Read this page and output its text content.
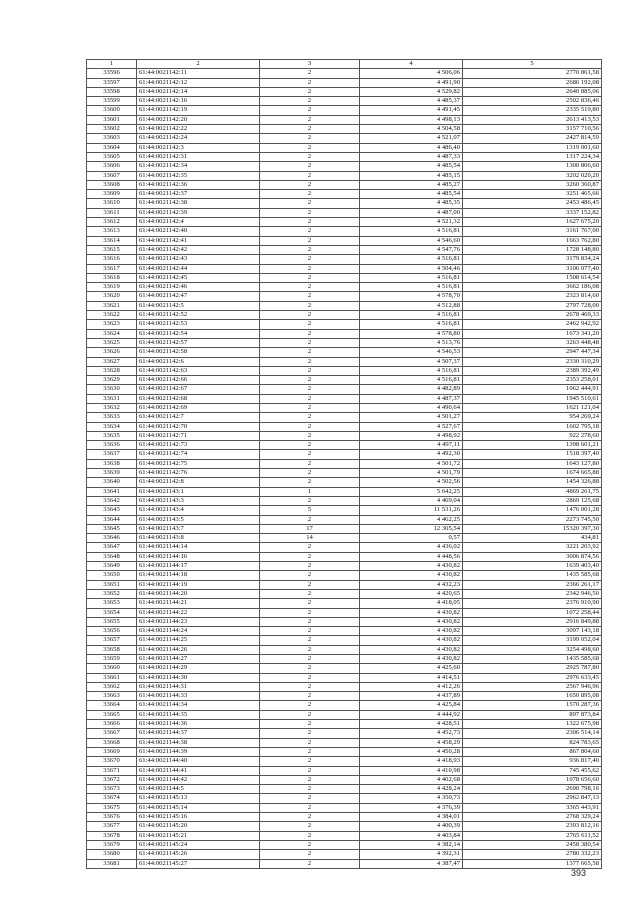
1	2	3	4	5
33596	61:44:0021142:11	2	4 506,06	2770 861,58
33597	61:44:0021142:12	2	4 491,90	2686 192,08
33598	61:44:0021142:14	2	4 529,82	2640 885,06
33599	61:44:0021142:16	2	4 485,37	2502 836,46
33600	61:44:0021142:19	2	4 491,45	2335 519,80
33601	61:44:0021142:20	2	4 498,13	2613 413,53
33602	61:44:0021142:22	2	4 504,58	3157 710,56
33603	61:44:0021142:24	2	4 521,07	2427 814,59
33604	61:44:0021142:3	2	4 486,40	1319 001,60
33605	61:44:0021142:31	2	4 487,33	1317 224,34
33606	61:44:0021142:34	2	4 485,54	1300 806,60
33607	61:44:0021142:35	2	4 485,15	3202 020,20
33608	61:44:0021142:36	2	4 485,27	3260 360,87
33609	61:44:0021142:37	2	4 485,54	3251 465,66
33610	61:44:0021142:38	2	4 485,35	2453 486,45
33611	61:44:0021142:39	2	4 487,00	3337 152,82
33612	61:44:0021142:4	2	4 521,32	1627 675,20
33613	61:44:0021142:40	2	4 516,81	3161 767,00
33614	61:44:0021142:41	2	4 546,60	1663 762,80
33615	61:44:0021142:42	2	4 547,76	1728 148,80
33616	61:44:0021142:43	2	4 516,81	3179 834,24
33617	61:44:0021142:44	2	4 504,46	3106 077,40
33618	61:44:0021142:45	2	4 516,81	1508 614,54
33619	61:44:0021142:46	2	4 516,81	3662 186,08
33620	61:44:0021142:47	2	4 578,70	2323 814,60
33621	61:44:0021142:5	2	4 512,88	2797 728,00
33622	61:44:0021142:52	2	4 516,81	2678 469,33
33623	61:44:0021142:53	2	4 516,81	2462 942,92
33624	61:44:0021142:54	2	4 578,80	1673 341,20
33625	61:44:0021142:57	2	4 513,76	3263 448,48
33626	61:44:0021142:58	2	4 546,53	2947 447,34
33627	61:44:0021142:6	2	4 507,37	2330 310,29
33628	61:44:0021142:63	2	4 516,81	2389 392,49
33629	61:44:0021142:66	2	4 516,81	2353 258,01
33630	61:44:0021142:67	2	4 482,89	1062 444,91
33631	61:44:0021142:68	2	4 487,37	1945 510,61
33632	61:44:0021142:69	2	4 490,64	1621 121,04
33633	61:44:0021142:7	2	4 501,27	954 269,24
33634	61:44:0021142:70	2	4 527,67	1602 795,18
33635	61:44:0021142:71	2	4 498,92	922 278,60
33636	61:44:0021142:73	2	4 497,11	1398 601,21
33637	61:44:0021142:74	2	4 492,30	1518 397,40
33638	61:44:0021142:75	2	4 501,72	1643 127,80
33639	61:44:0021142:76	2	4 501,79	1674 665,88
33640	61:44:0021142:8	2	4 502,56	1454 326,88
33641	61:44:0021143:1	1	5 642,25	4869 261,75
33642	61:44:0021143:3	2	4 469,04	2869 125,68
33643	61:44:0021143:4	5	11 531,26	1476 001,28
33644	61:44:0021143:5	2	4 462,25	2273 745,50
33645	61:44:0021143:7	17	12 305,54	15320 397,30
33646	61:44:0021143:8	14	0,57	434,81
33647	61:44:0021144:14	2	4 436,02	3221 203,92
33648	61:44:0021144:16	2	4 448,56	3006 874,56
33649	61:44:0021144:17	2	4 430,82	1639 403,40
33650	61:44:0021144:18	2	4 430,82	1435 585,68
33651	61:44:0021144:19	2	4 432,23	2366 261,17
33652	61:44:0021144:20	2	4 420,65	2342 946,50
33653	61:44:0021144:21	2	4 418,05	2376 910,90
33654	61:44:0021144:22	2	4 430,82	1072 258,44
33655	61:44:0021144:23	2	4 430,82	2916 849,88
33656	61:44:0021144:24	2	4 430,82	3097 143,18
33657	61:44:0021144:25	2	4 430,82	3199 052,04
33658	61:44:0021144:26	2	4 430,82	3254 498,60
33659	61:44:0021144:27	2	4 430,82	1435 585,68
33660	61:44:0021144:29	2	4 425,60	2925 787,80
33661	61:44:0021144:30	2	4 414,51	2976 633,45
33662	61:44:0021144:31	2	4 412,26	2567 946,96
33663	61:44:0021144:33	2	4 437,89	1650 895,08
33664	61:44:0021144:34	2	4 425,84	1570 287,36
33665	61:44:0021144:35	2	4 444,92	897 873,84
33666	61:44:0021144:36	2	4 428,51	1322 675,98
33667	61:44:0021144:37	2	4 452,73	2306 514,14
33668	61:44:0021144:38	2	4 458,29	824 783,65
33669	61:44:0021144:39	2	4 450,28	867 804,60
33670	61:44:0021144:40	2	4 418,93	936 817,40
33671	61:44:0021144:41	2	4 410,98	745 455,62
33672	61:44:0021144:42	2	4 402,68	1078 656,60
33673	61:44:0021144:5	2	4 428,24	2690 798,16
33674	61:44:0021145:13	2	4 350,73	2962 847,13
33675	61:44:0021145:14	2	4 376,39	3365 443,91
33676	61:44:0021145:16	2	4 384,01	2768 329,24
33677	61:44:0021145:20	2	4 400,39	2393 812,16
33678	61:44:0021145:21	2	4 403,84	2765 611,52
33679	61:44:0021145:24	2	4 382,14	2458 380,54
33680	61:44:0021145:26	2	4 392,31	2780 332,23
33681	61:44:0021145:27	2	4 387,47	1377 665,58
393
